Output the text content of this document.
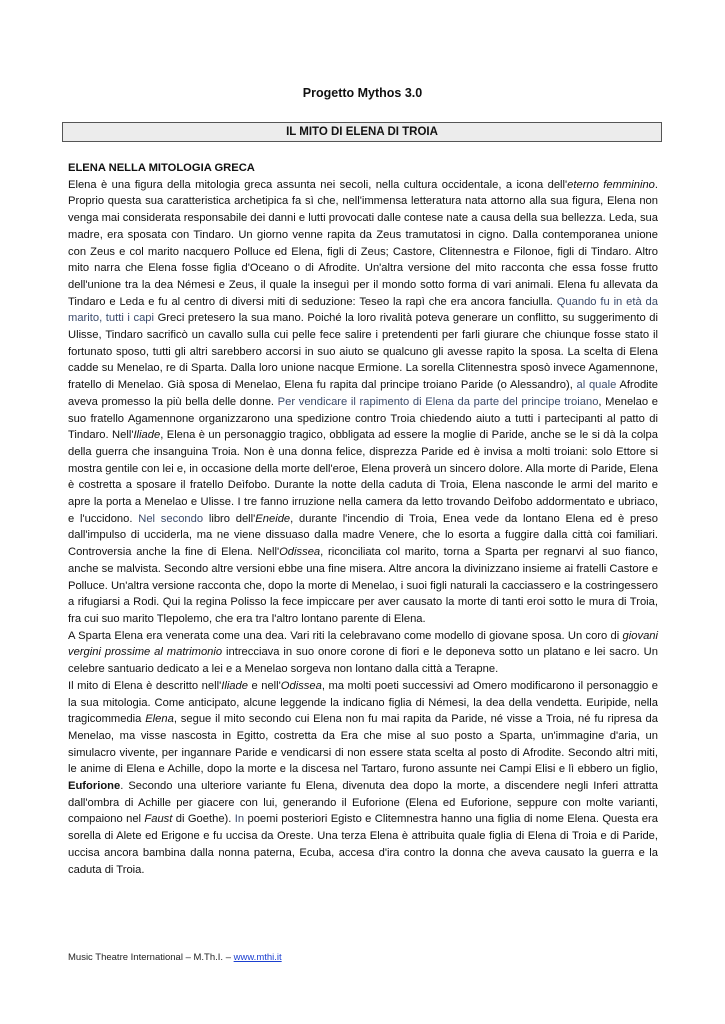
Progetto Mythos 3.0
IL MITO DI ELENA DI TROIA

ELENA NELLA MITOLOGIA GRECA

Elena è una figura della mitologia greca assunta nei secoli, nella cultura occidentale, a icona dell'eterno femminino. Proprio questa sua caratteristica archetipica fa sì che, nell'immensa letteratura nata attorno alla sua figura, Elena non venga mai considerata responsabile dei danni e lutti provocati dalle contese nate a causa della sua bellezza. Leda, sua madre, era sposata con Tindaro. Un giorno venne rapita da Zeus tramutatosi in cigno. Dalla contemporanea unione con Zeus e col marito nacquero Polluce ed Elena, figli di Zeus; Castore, Clitennestra e Filonoe, figli di Tindaro. Altro mito narra che Elena fosse figlia d'Oceano o di Afrodite. Un'altra versione del mito racconta che essa fosse frutto dell'unione tra la dea Némesi e Zeus, il quale la inseguì per il mondo sotto forma di vari animali. Elena fu allevata da Tindaro e Leda e fu al centro di diversi miti di seduzione: Teseo la rapì che era ancora fanciulla. Quando fu in età da marito, tutti i capi Greci pretesero la sua mano. Poiché la loro rivalità poteva generare un conflitto, su suggerimento di Ulisse, Tindaro sacrificò un cavallo sulla cui pelle fece salire i pretendenti per farli giurare che chiunque fosse stato il fortunato sposo, tutti gli altri sarebbero accorsi in suo aiuto se qualcuno gli avesse rapito la sposa. La scelta di Elena cadde su Menelao, re di Sparta. Dalla loro unione nacque Ermione. La sorella Clitennestra sposò invece Agamennone, fratello di Menelao. Già sposa di Menelao, Elena fu rapita dal principe troiano Paride (o Alessandro), al quale Afrodite aveva promesso la più bella delle donne. Per vendicare il rapimento di Elena da parte del principe troiano, Menelao e suo fratello Agamennone organizzarono una spedizione contro Troia chiedendo aiuto a tutti i partecipanti al patto di Tindaro. Nell'Iliade, Elena è un personaggio tragico, obbligata ad essere la moglie di Paride, anche se le si dà la colpa della guerra che insanguina Troia. Non è una donna felice, disprezza Paride ed è invisa a molti troiani: solo Ettore si mostra gentile con lei e, in occasione della morte dell'eroe, Elena proverà un sincero dolore. Alla morte di Paride, Elena è costretta a sposare il fratello Deìfobo. Durante la notte della caduta di Troia, Elena nasconde le armi del marito e apre la porta a Menelao e Ulisse. I tre fanno irruzione nella camera da letto trovando Deìfobo addormentato e ubriaco, e l'uccidono. Nel secondo libro dell'Eneide, durante l'incendio di Troia, Enea vede da lontano Elena ed è preso dall'impulso di ucciderla, ma ne viene dissuaso dalla madre Venere, che lo esorta a fuggire dalla città coi familiari. Controversia anche la fine di Elena. Nell'Odissea, riconciliata col marito, torna a Sparta per regnarvi al suo fianco, anche se malvista. Secondo altre versioni ebbe una fine misera. Altre ancora la divinizzano insieme ai fratelli Castore e Polluce. Un'altra versione racconta che, dopo la morte di Menelao, i suoi figli naturali la cacciassero e la costringessero a rifugiarsi a Rodi. Qui la regina Polisso la fece impiccare per aver causato la morte di tanti eroi sotto le mura di Troia, fra cui suo marito Tlepolemo, che era tra l'altro lontano parente di Elena.

A Sparta Elena era venerata come una dea. Vari riti la celebravano come modello di giovane sposa. Un coro di giovani vergini prossime al matrimonio intrecciava in suo onore corone di fiori e le deponeva sotto un platano e lei sacro. Un celebre santuario dedicato a lei e a Menelao sorgeva non lontano dalla città a Terapne.

Il mito di Elena è descritto nell'Iliade e nell'Odissea, ma molti poeti successivi ad Omero modificarono il personaggio e la sua mitologia. Come anticipato, alcune leggende la indicano figlia di Némesi, la dea della vendetta. Euripide, nella tragicommedia Elena, segue il mito secondo cui Elena non fu mai rapita da Paride, né visse a Troia, né fu ripresa da Menelao, ma visse nascosta in Egitto, costretta da Era che mise al suo posto a Sparta, un'immagine d'aria, un simulacro vivente, per ingannare Paride e vendicarsi di non essere stata scelta al posto di Afrodite. Secondo altri miti, le anime di Elena e Achille, dopo la morte e la discesa nel Tartaro, furono assunte nei Campi Elisi e lì ebbero un figlio, Euforione. Secondo una ulteriore variante fu Elena, divenuta dea dopo la morte, a discendere negli Inferi attratta dall'ombra di Achille per giacere con lui, generando il Euforione (Elena ed Euforione, seppure con molte varianti, compaiono nel Faust di Goethe). In poemi posteriori Egisto e Clitemnestra hanno una figlia di nome Elena. Questa era sorella di Alete ed Erigone e fu uccisa da Oreste. Una terza Elena è attribuita quale figlia di Elena di Troia e di Paride, uccisa ancora bambina dalla nonna paterna, Ecuba, accesa d'ira contro la donna che aveva causato la guerra e la caduta di Troia.

Music Theatre International – M.Th.I. – www.mthi.it
